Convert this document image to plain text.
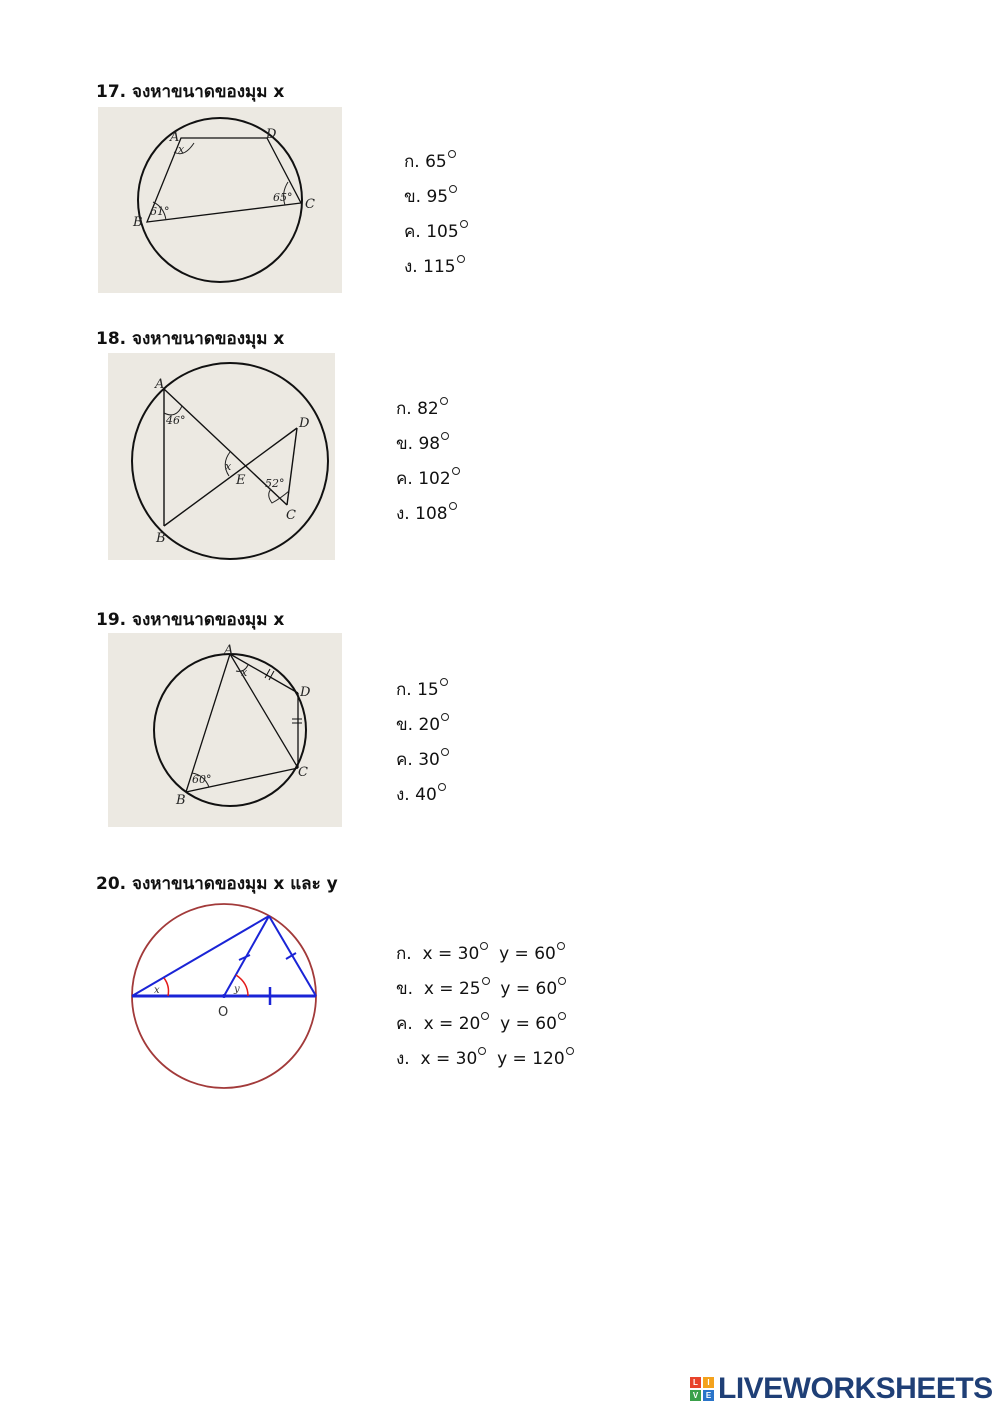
17. จงหาขนาดของมุม x
A	D
C
B
x
61°
65°
ก. 65
ข. 95
ค. 105
ง. 115
18. จงหาขนาดของมุม x
A
B
D
C
E
x
46°
52°
ก. 82
ข. 98
ค. 102
ง. 108
19. จงหาขนาดของมุม x
A
D
C
B
x
60°
ก. 15
ข. 20
ค. 30
ง. 40
20. จงหาขนาดของมุม x และ y
x	y
O
ก. x = 30 y = 60
ข. x = 25 y = 60
ค. x = 20 y = 60
ง. x = 30 y = 120
L	I
V E LIVEWORKSHEETS
